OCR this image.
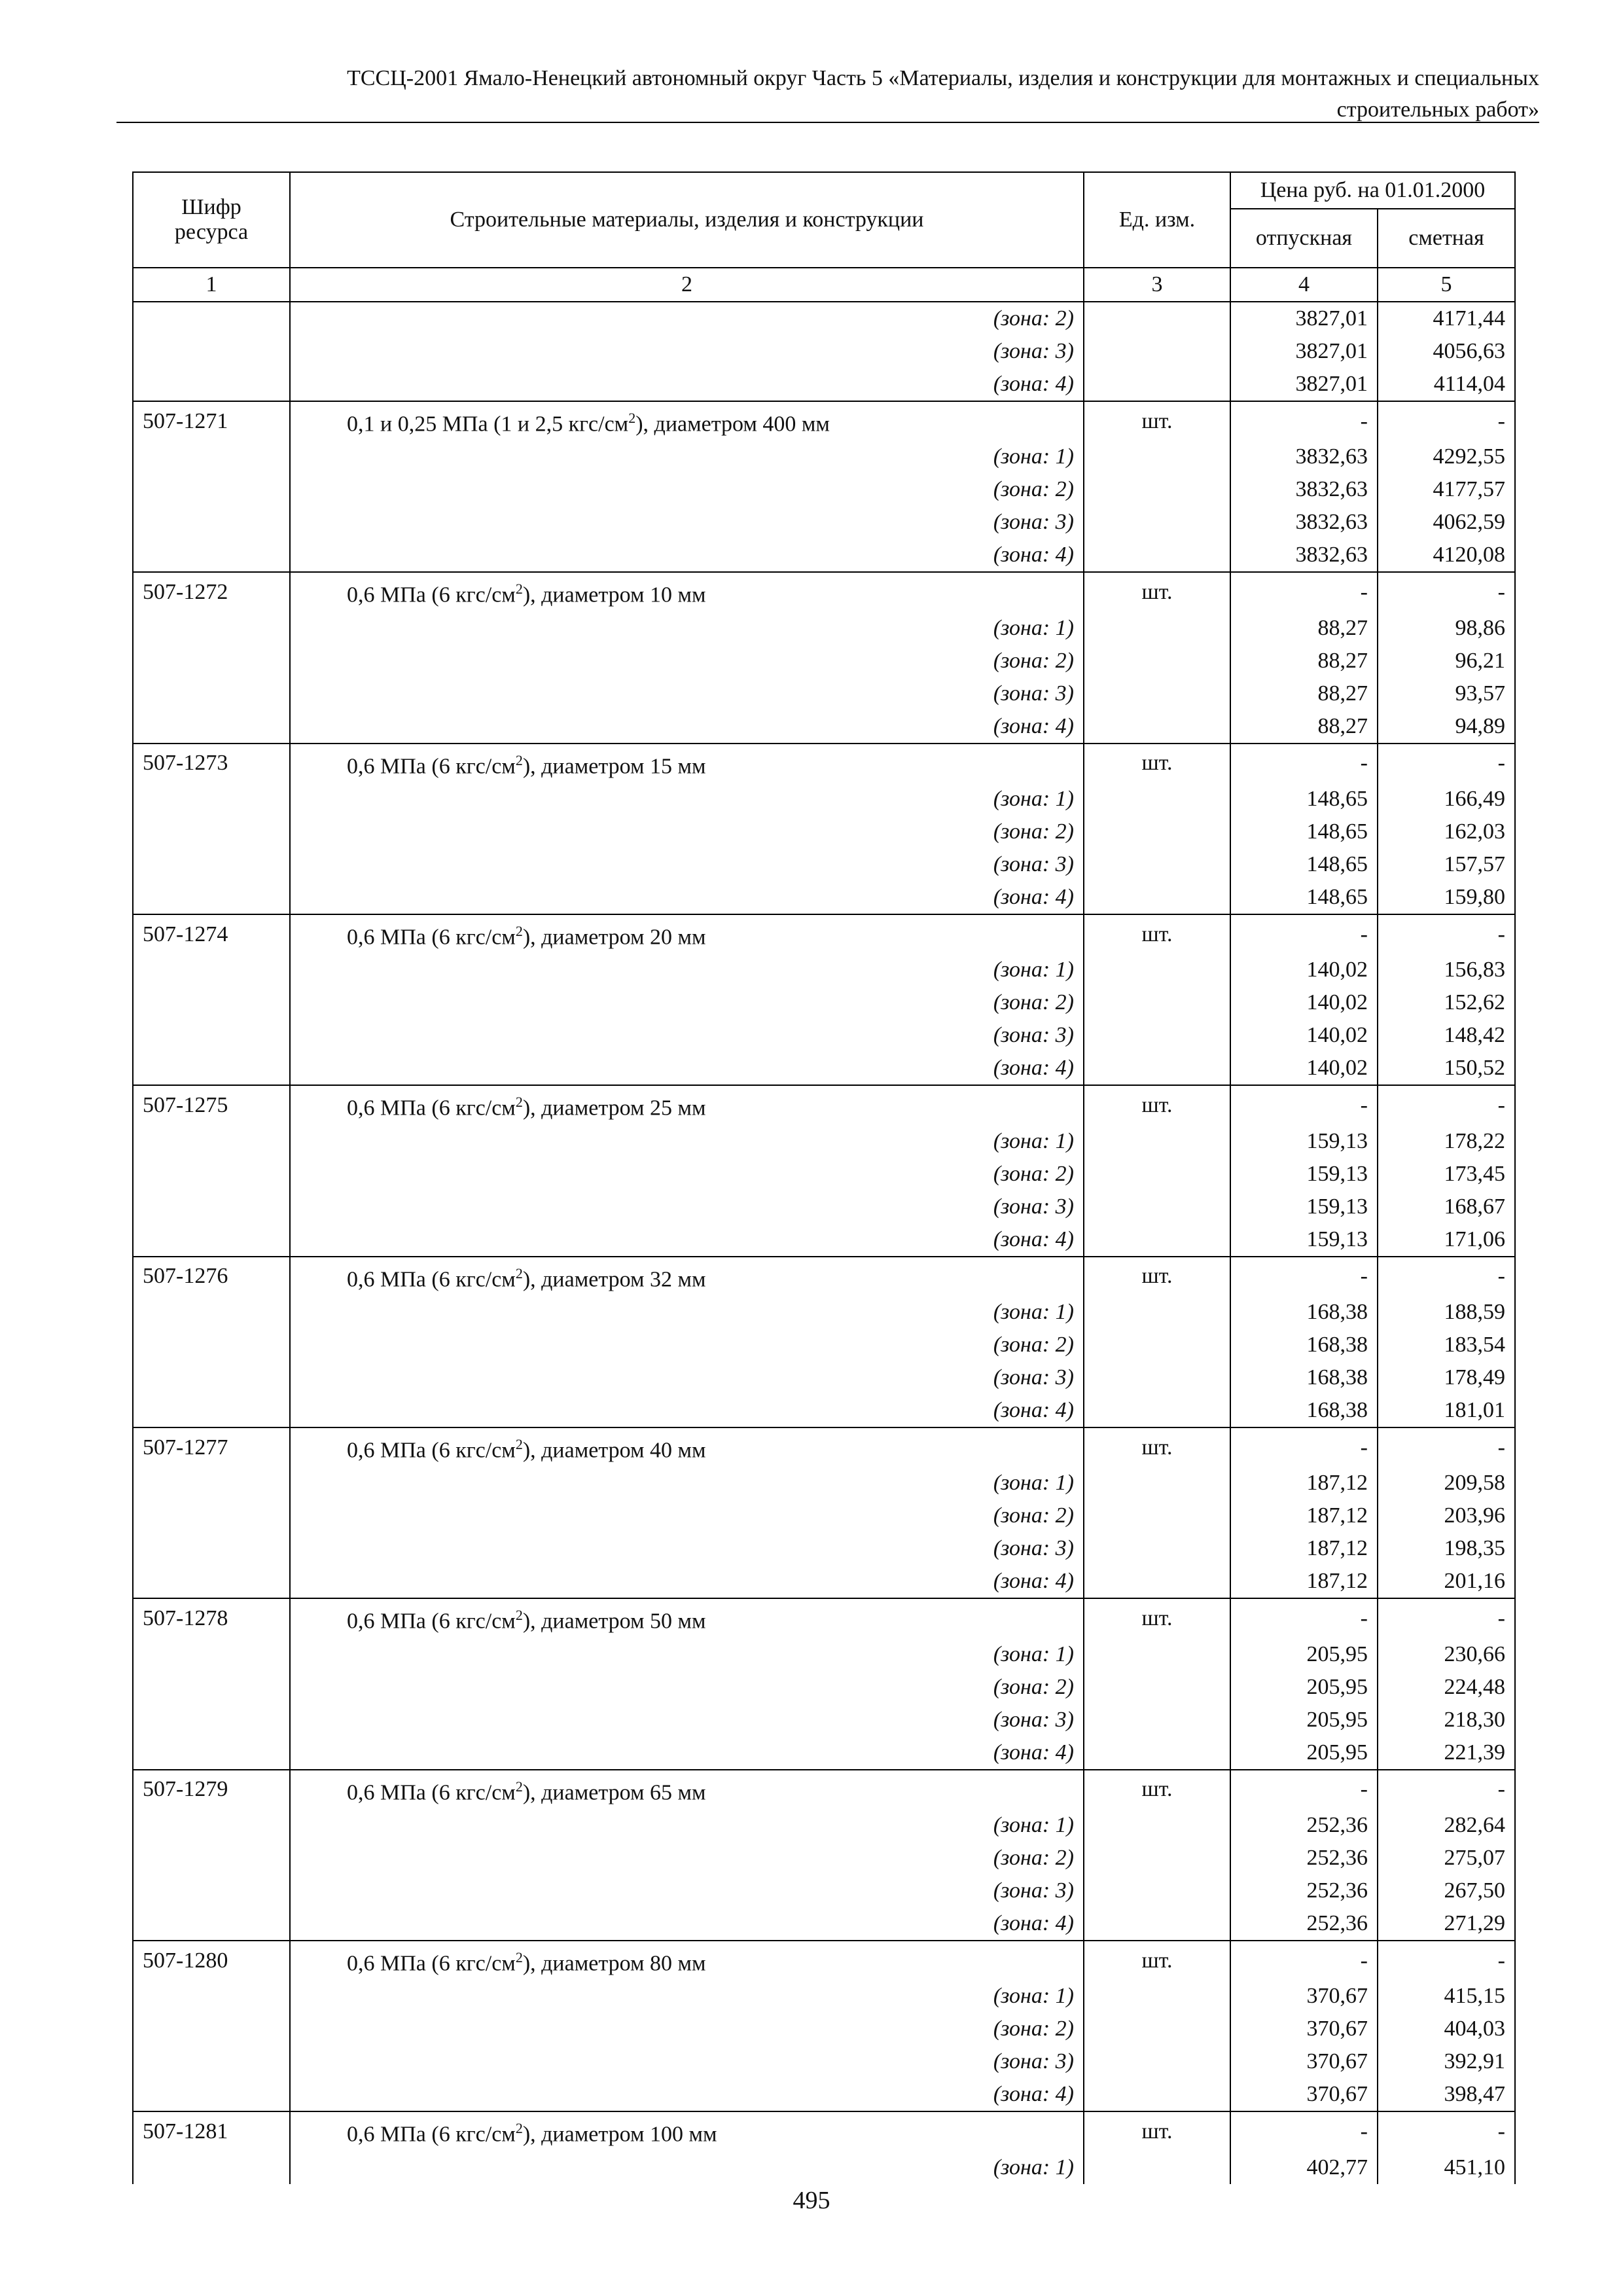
ТССЦ-2001 Ямало-Ненецкий автономный округ Часть 5 «Материалы, изделия и конструкции для монтажных и специальных
строительных работ»
Шифр ресурса	Строительные материалы, изделия и конструкции	Ед. изм.	Цена руб. на 01.01.2000	
			отпускная	сметная
1	2	3	4	5
	(зона: 2)		3827,01	4171,44
	(зона: 3)		3827,01	4056,63
	(зона: 4)		3827,01	4114,04
507-1271	0,1 и 0,25 МПа (1 и 2,5 кгс/$см^2$), диаметром 400 мм	шт.	-	-
	(зона: 1)		3832,63	4292,55
	(зона: 2)		3832,63	4177,57
	(зона: 3)		3832,63	4062,59
	(зона: 4)		3832,63	4120,08
507-1272	0,6 МПа (6 кгс/$см^2$), диаметром 10 мм	шт.	-	-
	(зона: 1)		88,27	98,86
	(зона: 2)		88,27	96,21
	(зона: 3)		88,27	93,57
	(зона: 4)		88,27	94,89
507-1273	0,6 МПа (6 кгс/$см^2$), диаметром 15 мм	шт.	-	-
	(зона: 1)		148,65	166,49
	(зона: 2)		148,65	162,03
	(зона: 3)		148,65	157,57
	(зона: 4)		148,65	159,80
507-1274	0,6 МПа (6 кгс/$см^2$), диаметром 20 мм	шт.	-	-
	(зона: 1)		140,02	156,83
	(зона: 2)		140,02	152,62
	(зона: 3)		140,02	148,42
	(зона: 4)		140,02	150,52
507-1275	0,6 МПа (6 кгс/$см^2$), диаметром 25 мм	шт.	-	-
	(зона: 1)		159,13	178,22
	(зона: 2)		159,13	173,45
	(зона: 3)		159,13	168,67
	(зона: 4)		159,13	171,06
507-1276	0,6 МПа (6 кгс/$см^2$), диаметром 32 мм	шт.	-	-
	(зона: 1)		168,38	188,59
	(зона: 2)		168,38	183,54
	(зона: 3)		168,38	178,49
	(зона: 4)		168,38	181,01
507-1277	0,6 МПа (6 кгс/$см^2$), диаметром 40 мм	шт.	-	-
	(зона: 1)		187,12	209,58
	(зона: 2)		187,12	203,96
	(зона: 3)		187,12	198,35
	(зона: 4)		187,12	201,16
507-1278	0,6 МПа (6 кгс/$см^2$), диаметром 50 мм	шт.	-	-
	(зона: 1)		205,95	230,66
	(зона: 2)		205,95	224,48
	(зона: 3)		205,95	218,30
	(зона: 4)		205,95	221,39
507-1279	0,6 МПа (6 кгс/$см^2$), диаметром 65 мм	шт.	-	-
	(зона: 1)		252,36	282,64
	(зона: 2)		252,36	275,07
	(зона: 3)		252,36	267,50
	(зона: 4)		252,36	271,29
507-1280	0,6 МПа (6 кгс/$см^2$), диаметром 80 мм	шт.	-	-
	(зона: 1)		370,67	415,15
	(зона: 2)		370,67	404,03
	(зона: 3)		370,67	392,91
	(зона: 4)		370,67	398,47
507-1281	0,6 МПа (6 кгс/$см^2$), диаметром 100 мм	шт.	-	-
	(зона: 1)		402,77	451,10
495
